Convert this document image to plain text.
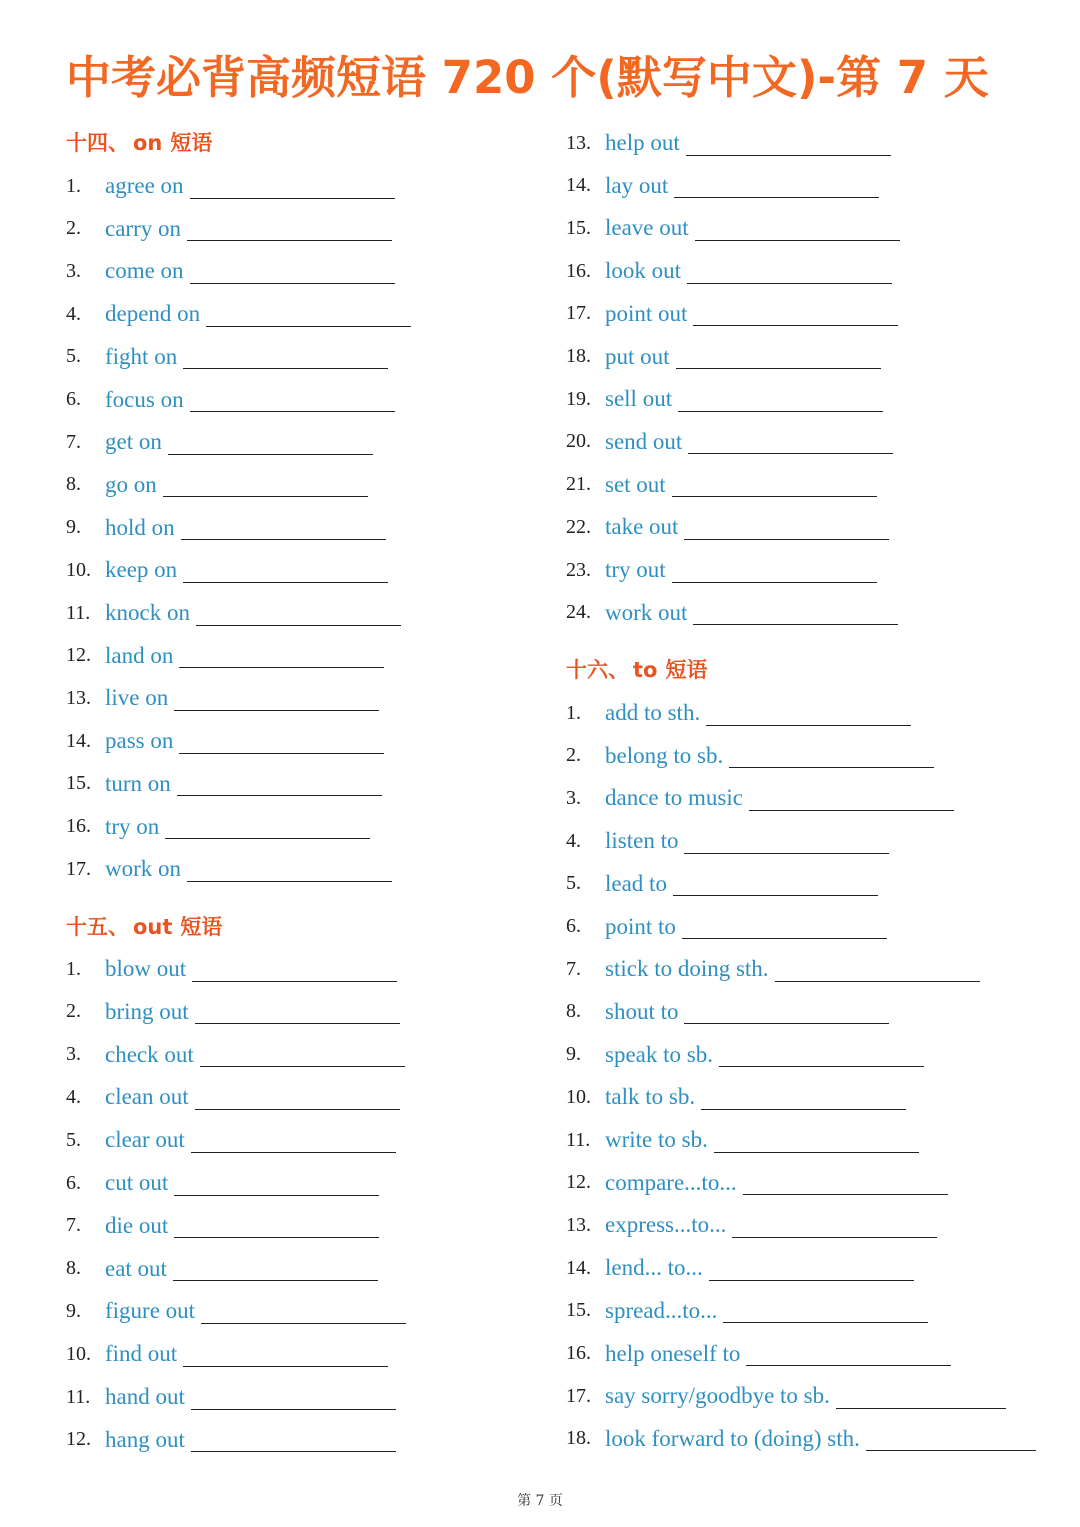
中考必背高频短语 720 个(默写中文)-第 7 天
十四、 on 短语
1.	agree on
2.	carry on
3.	come on
4.	depend on
5.	fight on
6.	focus on
7.	get on
8.	go on
9.	hold on
10. keep on
11. knock on
12. land on
13. live on
14. pass on
15. turn on
16. try on
17. work on
十五、 out 短语
1.	blow out
2.	bring out
3.	check out
4.	clean out
5.	clear out
6.	cut out
7.	die out
8.	eat out
9.	figure out
10. find out
11. hand out
12. hang out
13. help out
14. lay out
15. leave out
16. look out
17. point out
18. put out
19. sell out
20. send out
21. set out
22. take out
23. try out
24. work out
十六、 to 短语
1.	add to sth.
2.	belong to sb.
3.	dance to music
4.	listen to
5.	lead to
6.	point to
7.	stick to doing sth.
8.	shout to
9.	speak to sb.
10. talk to sb.
11. write to sb.
12. compare...to...
13. express...to...
14. lend... to...
15. spread...to...
16. help oneself to
17. say sorry/goodbye to sb.
18. look forward to (doing) sth.
第 7 页
